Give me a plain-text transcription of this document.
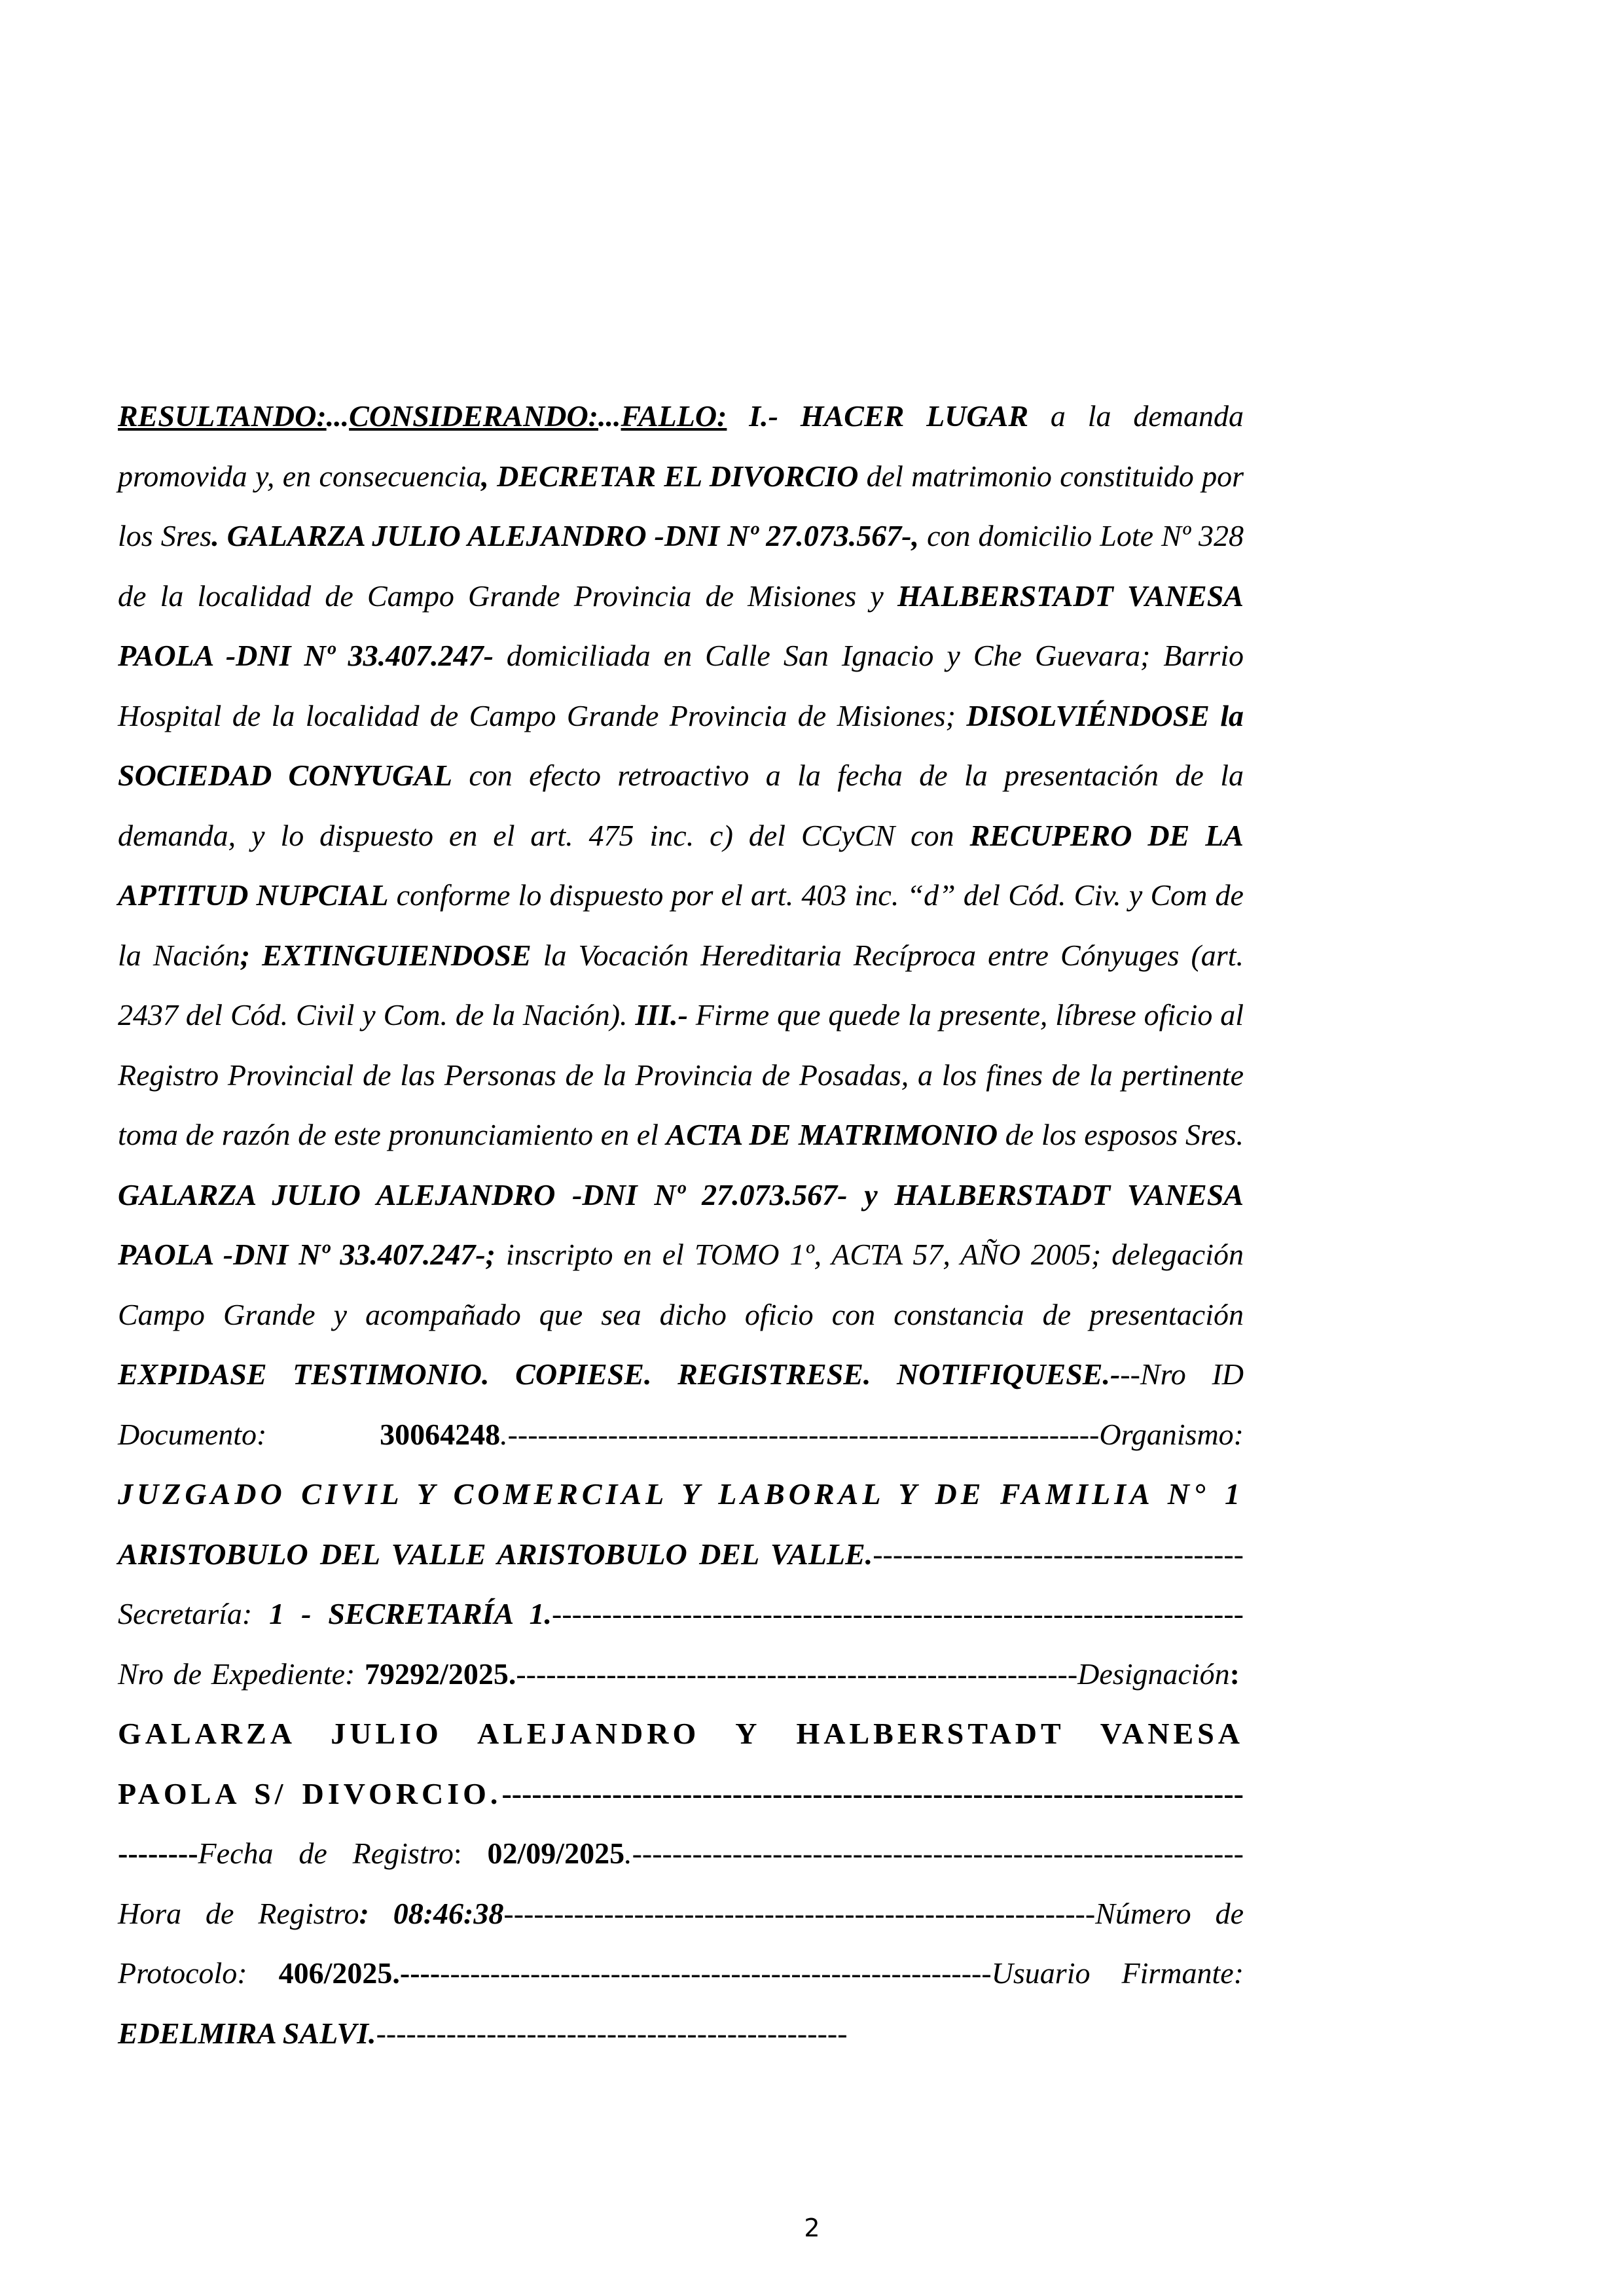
RESULTANDO:...CONSIDERANDO:...FALLO: I.- HACER LUGAR a la demanda promovida y, en consecuencia, DECRETAR EL DIVORCIO del matrimonio constituido por los Sres. GALARZA JULIO ALEJANDRO -DNI Nº 27.073.567-, con domicilio Lote Nº 328 de la localidad de Campo Grande Provincia de Misiones y HALBERSTADT VANESA PAOLA -DNI Nº 33.407.247- domiciliada en Calle San Ignacio y Che Guevara; Barrio Hospital de la localidad de Campo Grande Provincia de Misiones; DISOLVIÉNDOSE la SOCIEDAD CONYUGAL con efecto retroactivo a la fecha de la presentación de la demanda, y lo dispuesto en el art. 475 inc. c) del CCyCN con RECUPERO DE LA APTITUD NUPCIAL conforme lo dispuesto por el art. 403 inc. “d” del Cód. Civ. y Com de la Nación; EXTINGUIENDOSE la Vocación Hereditaria Recíproca entre Cónyuges (art. 2437 del Cód. Civil y Com. de la Nación). III.- Firme que quede la presente, líbrese oficio al Registro Provincial de las Personas de la Provincia de Posadas, a los fines de la pertinente toma de razón de este pronunciamiento en el ACTA DE MATRIMONIO de los esposos Sres. GALARZA JULIO ALEJANDRO -DNI Nº 27.073.567- y HALBERSTADT VANESA PAOLA -DNI Nº 33.407.247-; inscripto en el TOMO 1º, ACTA 57, AÑO 2005; delegación Campo Grande y acompañado que sea dicho oficio con constancia de presentación EXPIDASE TESTIMONIO. COPIESE. REGISTRESE. NOTIFIQUESE.---Nro ID Documento: 30064248.-----------------------------------------------------------Organismo: JUZGADO CIVIL Y COMERCIAL Y LABORAL Y DE FAMILIA N° 1 ARISTOBULO DEL VALLE ARISTOBULO DEL VALLE.-------------------------------------Secretaría: 1 - SECRETARÍA 1.---------------------------------------------------------------------Nro de Expediente: 79292/2025.--------------------------------------------------------Designación: GALARZA JULIO ALEJANDRO Y HALBERSTADT VANESA PAOLA S/ DIVORCIO.----------------------------------------------------------------------------------Fecha de Registro: 02/09/2025.-------------------------------------------------------------Hora de Registro: 08:46:38-----------------------------------------------------------Número de Protocolo: 406/2025.-----------------------------------------------------------Usuario Firmante: EDELMIRA SALVI.-----------------------------------------------

2
